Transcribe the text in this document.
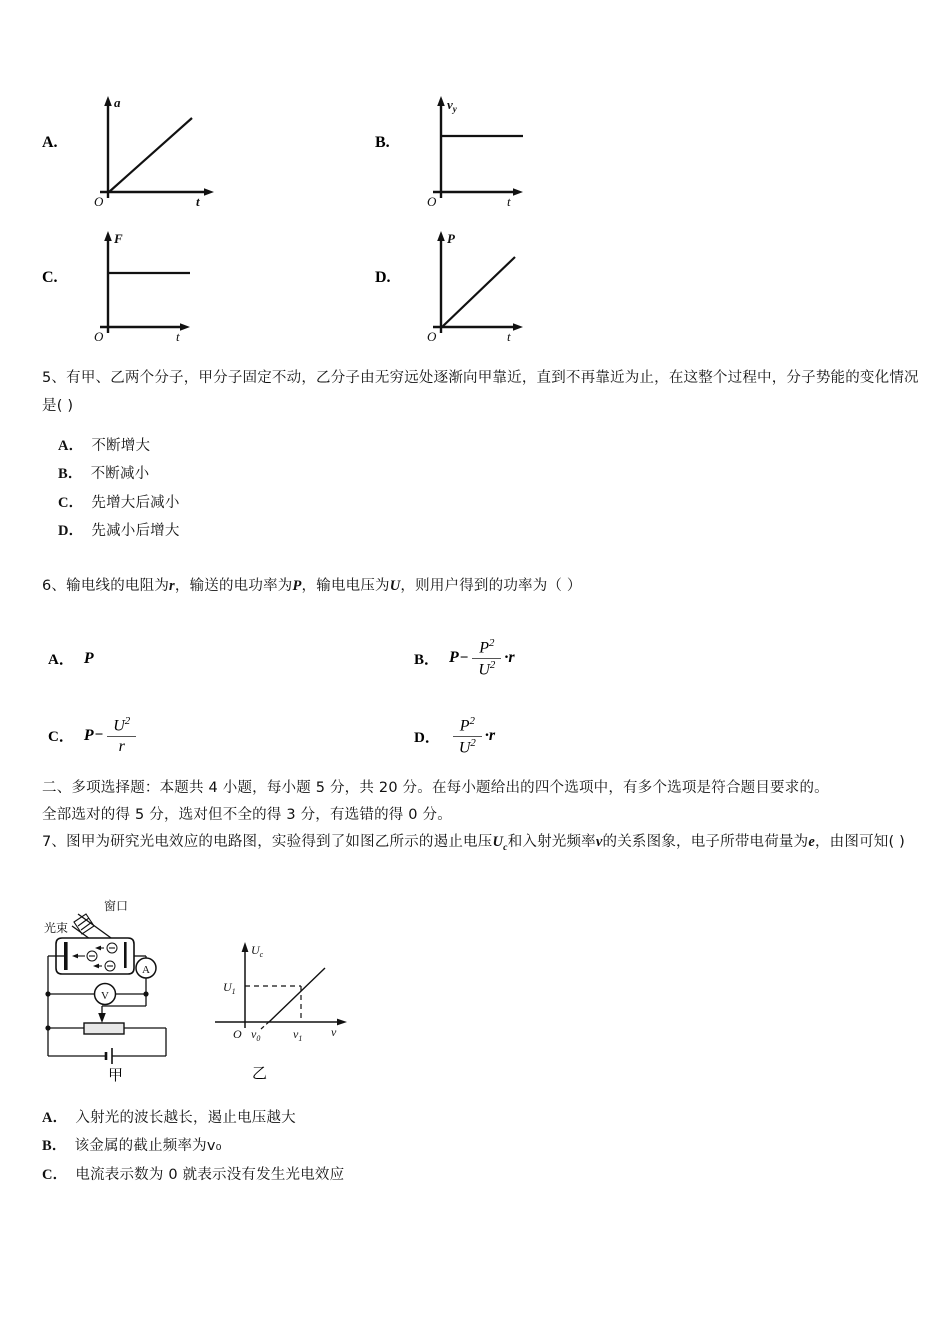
A.
a
t
O
B.
$v_y$
t
O
C.
F
t
O
D.
P
t
O
5、有甲、乙两个分子，甲分子固定不动，乙分子由无穷远处逐渐向甲靠近，直到不再靠近为止，在这整个过程中，分子势能的变化情况是( )
A． 不断增大
B． 不断减小
C． 先增大后减小
D． 先减小后增大
6、输电线的电阻为r，输送的电功率为P，输电电压为U，则用户得到的功率为（ ）
A． P	B． $P - \frac{P^2}{U^2} \cdot r$
C． $P - \frac{U^2}{r}$	D． $\frac{P^2}{U^2} \cdot r$
二、多项选择题：本题共 4 小题，每小题 5 分，共 20 分。在每小题给出的四个选项中，有多个选项是符合题目要求的。
全部选对的得 5 分，选对但不全的得 3 分，有选错的得 0 分。
7、图甲为研究光电效应的电路图，实验得到了如图乙所示的遏止电压$U_c$和入射光频率v的关系图象，电子所带电荷量为e，由图可知( )
窗口
光束
A
V
$U_c$
$U_1$
O $v_0$	$v_1$ v
甲	乙
A． 入射光的波长越长，遏止电压越大
B． 该金属的截止频率为v₀
C． 电流表示数为 0 就表示没有发生光电效应
